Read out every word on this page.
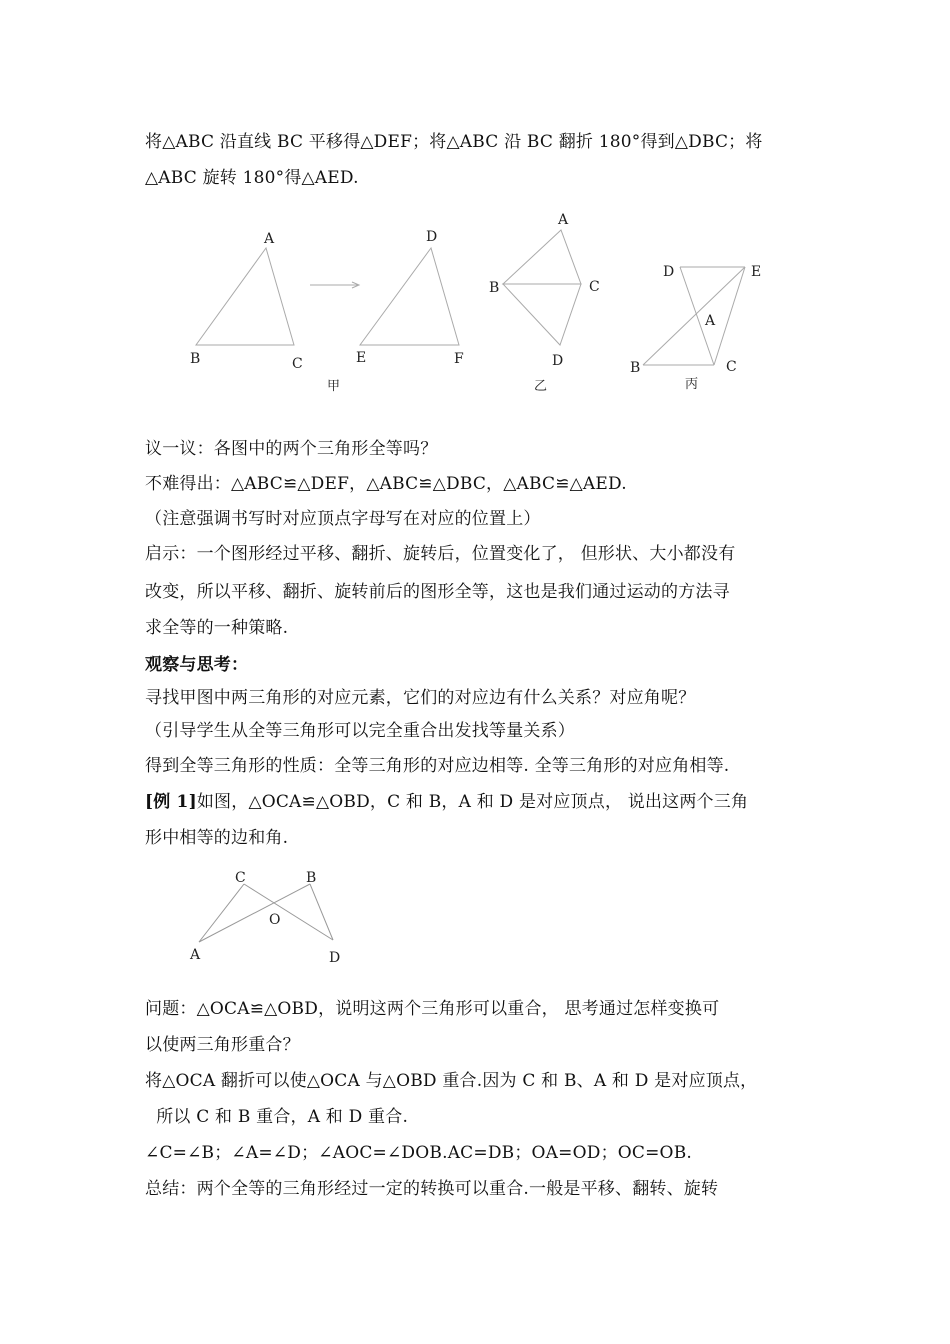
将△ABC 沿直线 BC 平移得△DEF；将△ABC 沿 BC 翻折 180°得到△DBC；将
△ABC 旋转 180°得△AED.
A
B	C
D
E	F
甲
A
B	C
D
乙
D	E
A
B	C
丙
议一议：各图中的两个三角形全等吗？
不难得出：△ABC≌△DEF，△ABC≌△DBC，△ABC≌△AED.
（注意强调书写时对应顶点字母写在对应的位置上）
启示：一个图形经过平移、翻折、旋转后，位置变化了， 但形状、大小都没有
改变，所以平移、翻折、旋转前后的图形全等，这也是我们通过运动的方法寻
求全等的一种策略.
观察与思考：
寻找甲图中两三角形的对应元素，它们的对应边有什么关系？对应角呢？
（引导学生从全等三角形可以完全重合出发找等量关系）
得到全等三角形的性质：全等三角形的对应边相等. 全等三角形的对应角相等.
[例 1]如图，△OCA≌△OBD，C 和 B，A 和 D 是对应顶点， 说出这两个三角
形中相等的边和角.
C	B
O
A	D
问题：△OCA≌△OBD，说明这两个三角形可以重合， 思考通过怎样变换可
以使两三角形重合？
将△OCA 翻折可以使△OCA 与△OBD 重合.因为 C 和 B、A 和 D 是对应顶点，
所以 C 和 B 重合，A 和 D 重合.
∠C=∠B；∠A=∠D；∠AOC=∠DOB.AC=DB；OA=OD；OC=OB.
总结：两个全等的三角形经过一定的转换可以重合.一般是平移、翻转、旋转
